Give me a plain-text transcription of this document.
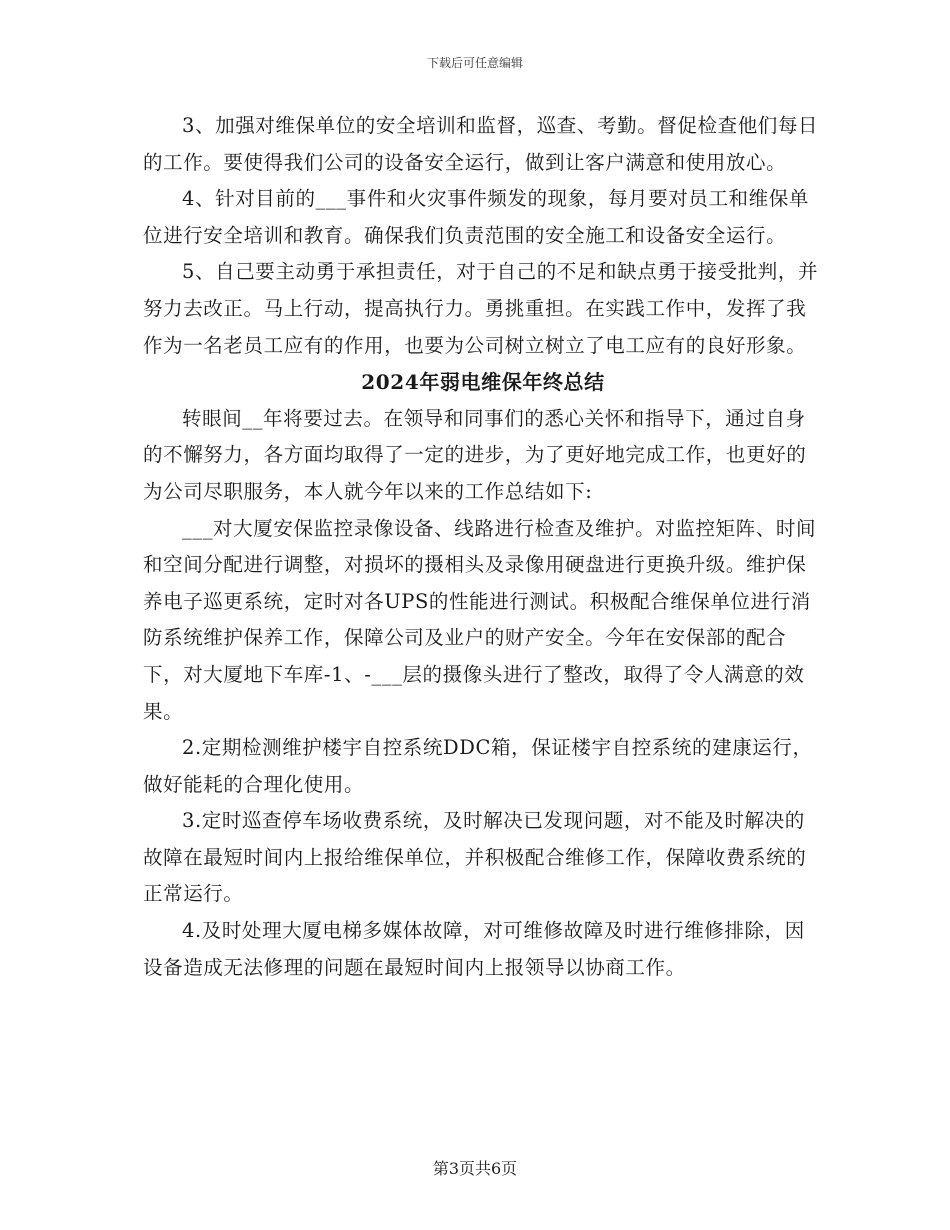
下载后可任意编辑

3、加强对维保单位的安全培训和监督，巡查、考勤。督促检查他们每日的工作。要使得我们公司的设备安全运行，做到让客户满意和使用放心。

4、针对目前的___事件和火灾事件频发的现象，每月要对员工和维保单位进行安全培训和教育。确保我们负责范围的安全施工和设备安全运行。

5、自己要主动勇于承担责任，对于自己的不足和缺点勇于接受批判，并努力去改正。马上行动，提高执行力。勇挑重担。在实践工作中，发挥了我作为一名老员工应有的作用，也要为公司树立树立了电工应有的良好形象。

2024年弱电维保年终总结

转眼间__年将要过去。在领导和同事们的悉心关怀和指导下，通过自身的不懈努力，各方面均取得了一定的进步，为了更好地完成工作，也更好的为公司尽职服务，本人就今年以来的工作总结如下:

___对大厦安保监控录像设备、线路进行检查及维护。对监控矩阵、时间和空间分配进行调整，对损坏的摄相头及录像用硬盘进行更换升级。维护保养电子巡更系统，定时对各UPS的性能进行测试。积极配合维保单位进行消防系统维护保养工作，保障公司及业户的财产安全。今年在安保部的配合下，对大厦地下车库-1、-___层的摄像头进行了整改，取得了令人满意的效果。

2.定期检测维护楼宇自控系统DDC箱，保证楼宇自控系统的建康运行，做好能耗的合理化使用。

3.定时巡查停车场收费系统，及时解决已发现问题，对不能及时解决的故障在最短时间内上报给维保单位，并积极配合维修工作，保障收费系统的正常运行。

4.及时处理大厦电梯多媒体故障，对可维修故障及时进行维修排除，因设备造成无法修理的问题在最短时间内上报领导以协商工作。

第3页共6页
